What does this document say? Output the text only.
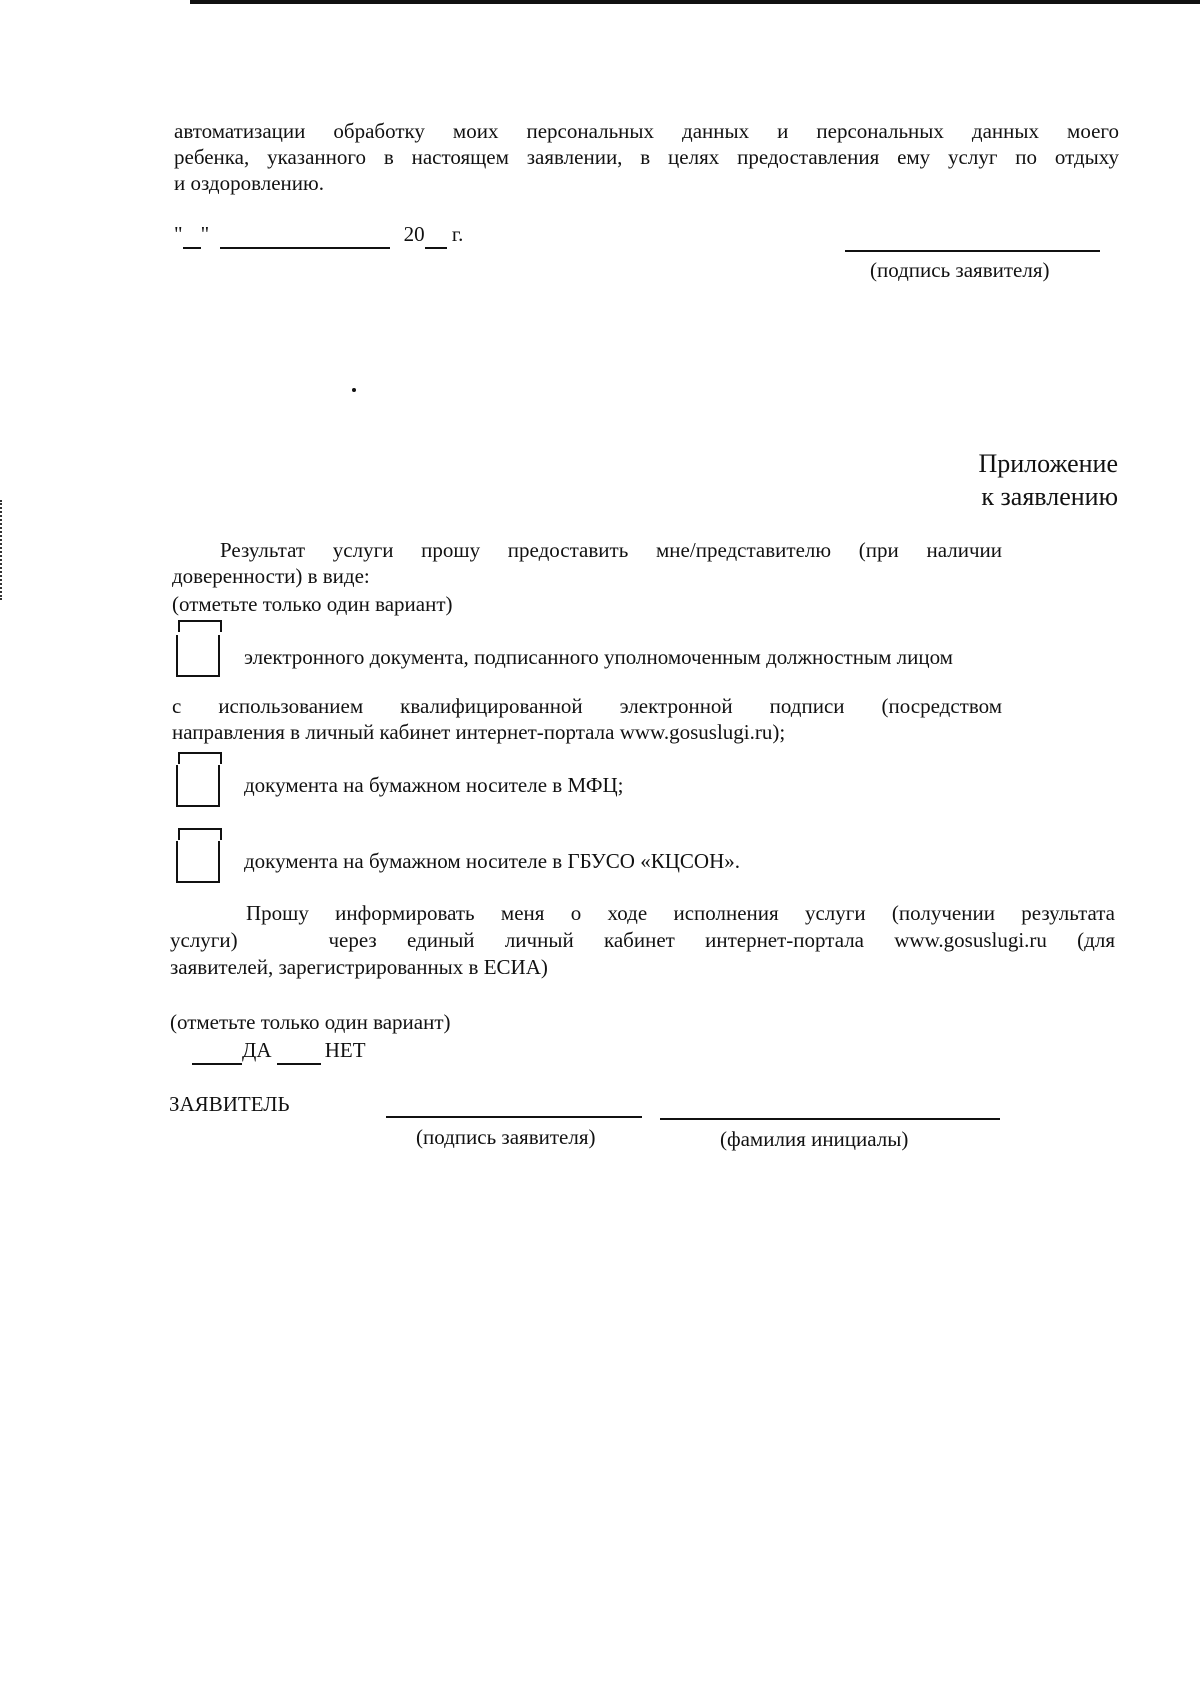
автоматизации обработку моих персональных данных и персональных данных моего
ребенка, указанного в настоящем заявлении, в целях предоставления ему услуг по отдыху
и оздоровлению.
" "	20 г.
(подпись заявителя)
Приложение
к заявлению
Результат услуги прошу предоставить мне/представителю (при наличии
доверенности) в виде:
(отметьте только один вариант)
электронного документа, подписанного уполномоченным должностным лицом
с использованием квалифицированной электронной подписи (посредством
направления в личный кабинет интернет-портала www.gosuslugi.ru);
документа на бумажном носителе в МФЦ;
документа на бумажном носителе в ГБУСО «КЦСОН».
Прошу информировать меня о ходе исполнения услуги (получении результата
услуги)   через единый личный кабинет интернет-портала www.gosuslugi.ru (для
заявителей, зарегистрированных в ЕСИА)
(отметьте только один вариант)
ДА	НЕТ
ЗАЯВИТЕЛЬ
(подпись заявителя)	(фамилия инициалы)
